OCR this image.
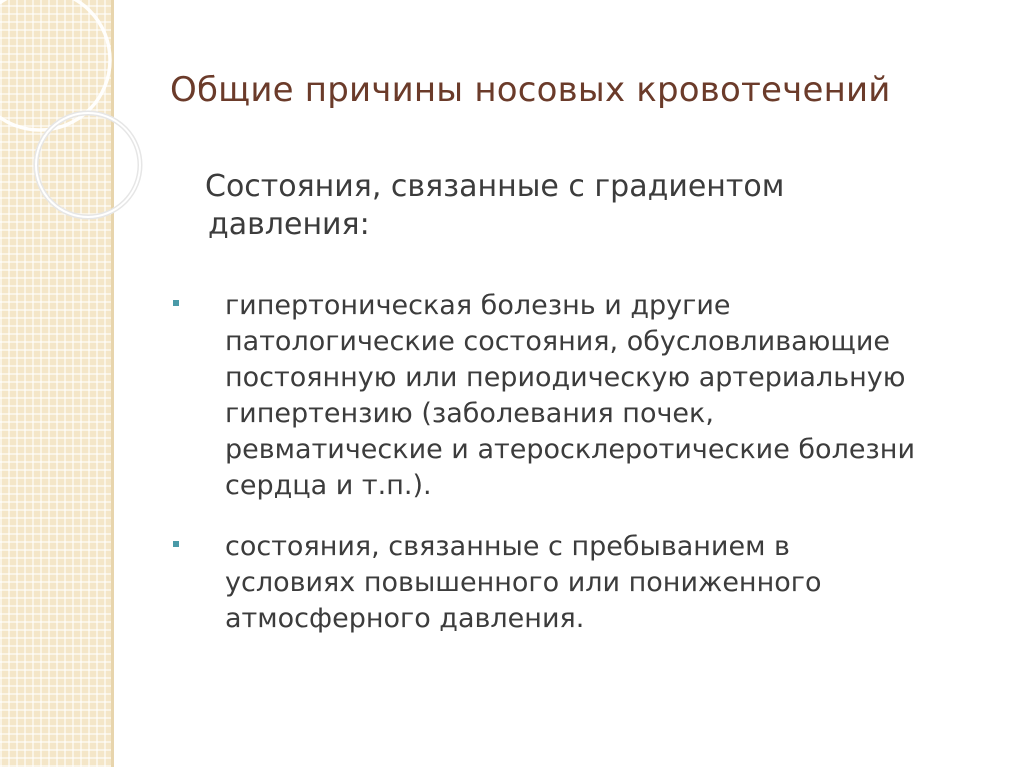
Общие причины носовых кровотечений
Состояния, связанные с градиентом

давления:
гипертоническая болезнь и другие
патологические состояния, обусловливающие
постоянную или периодическую артериальную
гипертензию (заболевания почек,
ревматические и атеросклеротические болезни
сердца и т.п.).
состояния, связанные с пребыванием в
условиях повышенного или пониженного
атмосферного давления.
